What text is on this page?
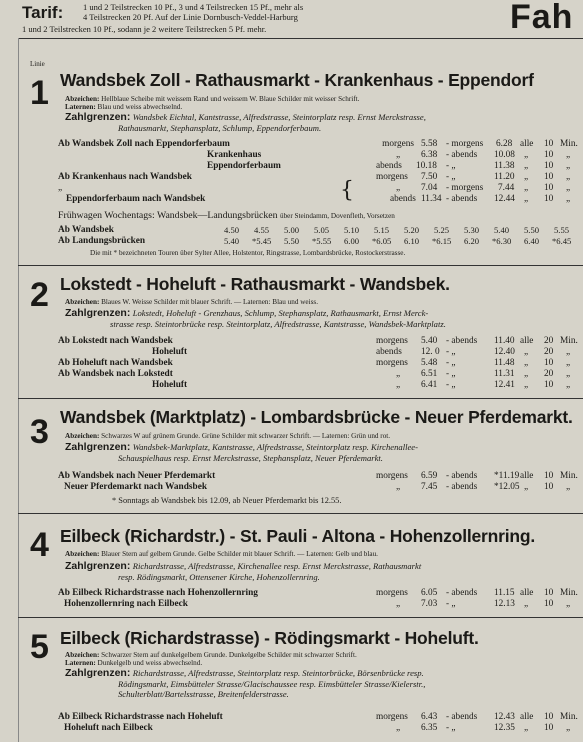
Tarif: 1 und 2 Teilstrecken 10 Pf., 3 und 4 Teilstrecken 15 Pf., mehr als
4 Teilstrecken 20 Pf. Auf der Linie Dornbusch-Veddel-Harburg
1 und 2 Teilstrecken 10 Pf., sodann je 2 weitere Teilstrecken 5 Pf. mehr.	Fah
Linie
1 Wandsbek Zoll - Rathausmarkt - Krankenhaus - Eppendorf
Abzeichen: Hellblaue Scheibe mit weissem Rand und weissem W. Blaue Schilder mit weisser Schrift.
Laternen: Blau und weiss abwechselnd.
Zahlgrenzen: Wandsbek Eichtal, Kantstrasse, Alfredstrasse, Steintorplatz resp. Ernst Merckstrasse,
Rathausmarkt, Stephansplatz, Schlump, Eppendorferbaum.
Ab Wandsbek Zoll nach Eppendorferbaum	morgens 5.58 - morgens 6.28 alle 10 Min.
Krankenhaus	„ 6.38 - abends 10.08 „ 10 „
Eppendorferbaum	abends 10.18 - „	11.38 „ 10 „
Ab Krankenhaus nach Wandsbek	morgens 7.50 - „	11.20 „ 10 „
{
„	„ 7.04 - morgens 7.44 „ 10 „
Eppendorferbaum nach Wandsbek	abends 11.34 - abends 12.44 „ 10 „
Frühwagen Wochentags: Wandsbek—Landungsbrücken über Steindamm, Dovenfleth, Vorsetzen
Ab Wandsbek	4.50 4.55 5.00 5.05 5.10 5.15 5.20 5.25 5.30 5.40 5.50 5.55
Ab Landungsbrücken	5.40 *5.45 5.50 *5.55 6.00 *6.05 6.10 *6.15 6.20 *6.30 6.40 *6.45
Die mit * bezeichneten Touren über Sylter Allee, Holstentor, Ringstrasse, Lombardsbrücke, Rostockerstrasse.
2 Lokstedt - Hoheluft - Rathausmarkt - Wandsbek.
Abzeichen: Blaues W. Weisse Schilder mit blauer Schrift. — Laternen: Blau und weiss.
Zahlgrenzen: Lokstedt, Hoheluft - Grenzhaus, Schlump, Stephansplatz, Rathausmarkt, Ernst Merck-
strasse resp. Steintorbrücke resp. Steintorplatz, Alfredstrasse, Kantstrasse, Wandsbek-Marktplatz.
Ab Lokstedt nach Wandsbek	morgens 5.40 - abends 11.40 alle 20 Min.
Hoheluft	abends 12. 0 - „	12.40 „ 20 „
Ab Hoheluft nach Wandsbek	morgens 5.48 - „	11.48 „ 10 „
Ab Wandsbek nach Lokstedt	„ 6.51 - „	11.31 „ 20 „
Hoheluft	„ 6.41 - „	12.41 „ 10 „
3 Wandsbek (Marktplatz) - Lombardsbrücke - Neuer Pferdemarkt.
Abzeichen: Schwarzes W auf grünem Grunde. Grüne Schilder mit schwarzer Schrift. — Laternen: Grün und rot.
Zahlgrenzen: Wandsbek-Marktplatz, Kantstrasse, Alfredstrasse, Steintorplatz resp. Kirchenallee-
Schauspielhaus resp. Ernst Merckstrasse, Stephansplatz, Neuer Pferdemarkt.
Ab Wandsbek nach Neuer Pferdemarkt	morgens 6.59 - abends *11.19 alle 10 Min.
Neuer Pferdemarkt nach Wandsbek	„ 7.45 - abends *12.05 „ 10 „
* Sonntags ab Wandsbek bis 12.09, ab Neuer Pferdemarkt bis 12.55.
4 Eilbeck (Richardstr.) - St. Pauli - Altona - Hohenzollernring.
Abzeichen: Blauer Stern auf gelbem Grunde. Gelbe Schilder mit blauer Schrift. — Laternen: Gelb und blau.
Zahlgrenzen: Richardstrasse, Alfredstrasse, Kirchenallee resp. Ernst Merckstrasse, Rathausmarkt
resp. Rödingsmarkt, Ottensener Kirche, Hohenzollernring.
Ab Eilbeck Richardstrasse nach Hohenzollernring	morgens 6.05 - abends 11.15 alle 10 Min.
Hohenzollernring nach Eilbeck	„ 7.03 - „	12.13 „ 10 „
5 Eilbeck (Richardstrasse) - Rödingsmarkt - Hoheluft.
Abzeichen: Schwarzer Stern auf dunkelgelbem Grunde. Dunkelgelbe Schilder mit schwarzer Schrift.
Laternen: Dunkelgelb und weiss abwechselnd.
Zahlgrenzen: Richardstrasse, Alfredstrasse, Steintorplatz resp. Steintorbrücke, Börsenbrücke resp.
Rödingsmarkt, Eimsbütteler Strasse/Glacischaussee resp. Eimsbütteler Strasse/Kielerstr.,
Schulterblatt/Bartelsstrasse, Breitenfelderstrasse.
Ab Eilbeck Richardstrasse nach Hoheluft	morgens 6.43 - abends 12.43 alle 10 Min.
Hoheluft nach Eilbeck	„ 6.35 - „	12.35 „ 10 „
